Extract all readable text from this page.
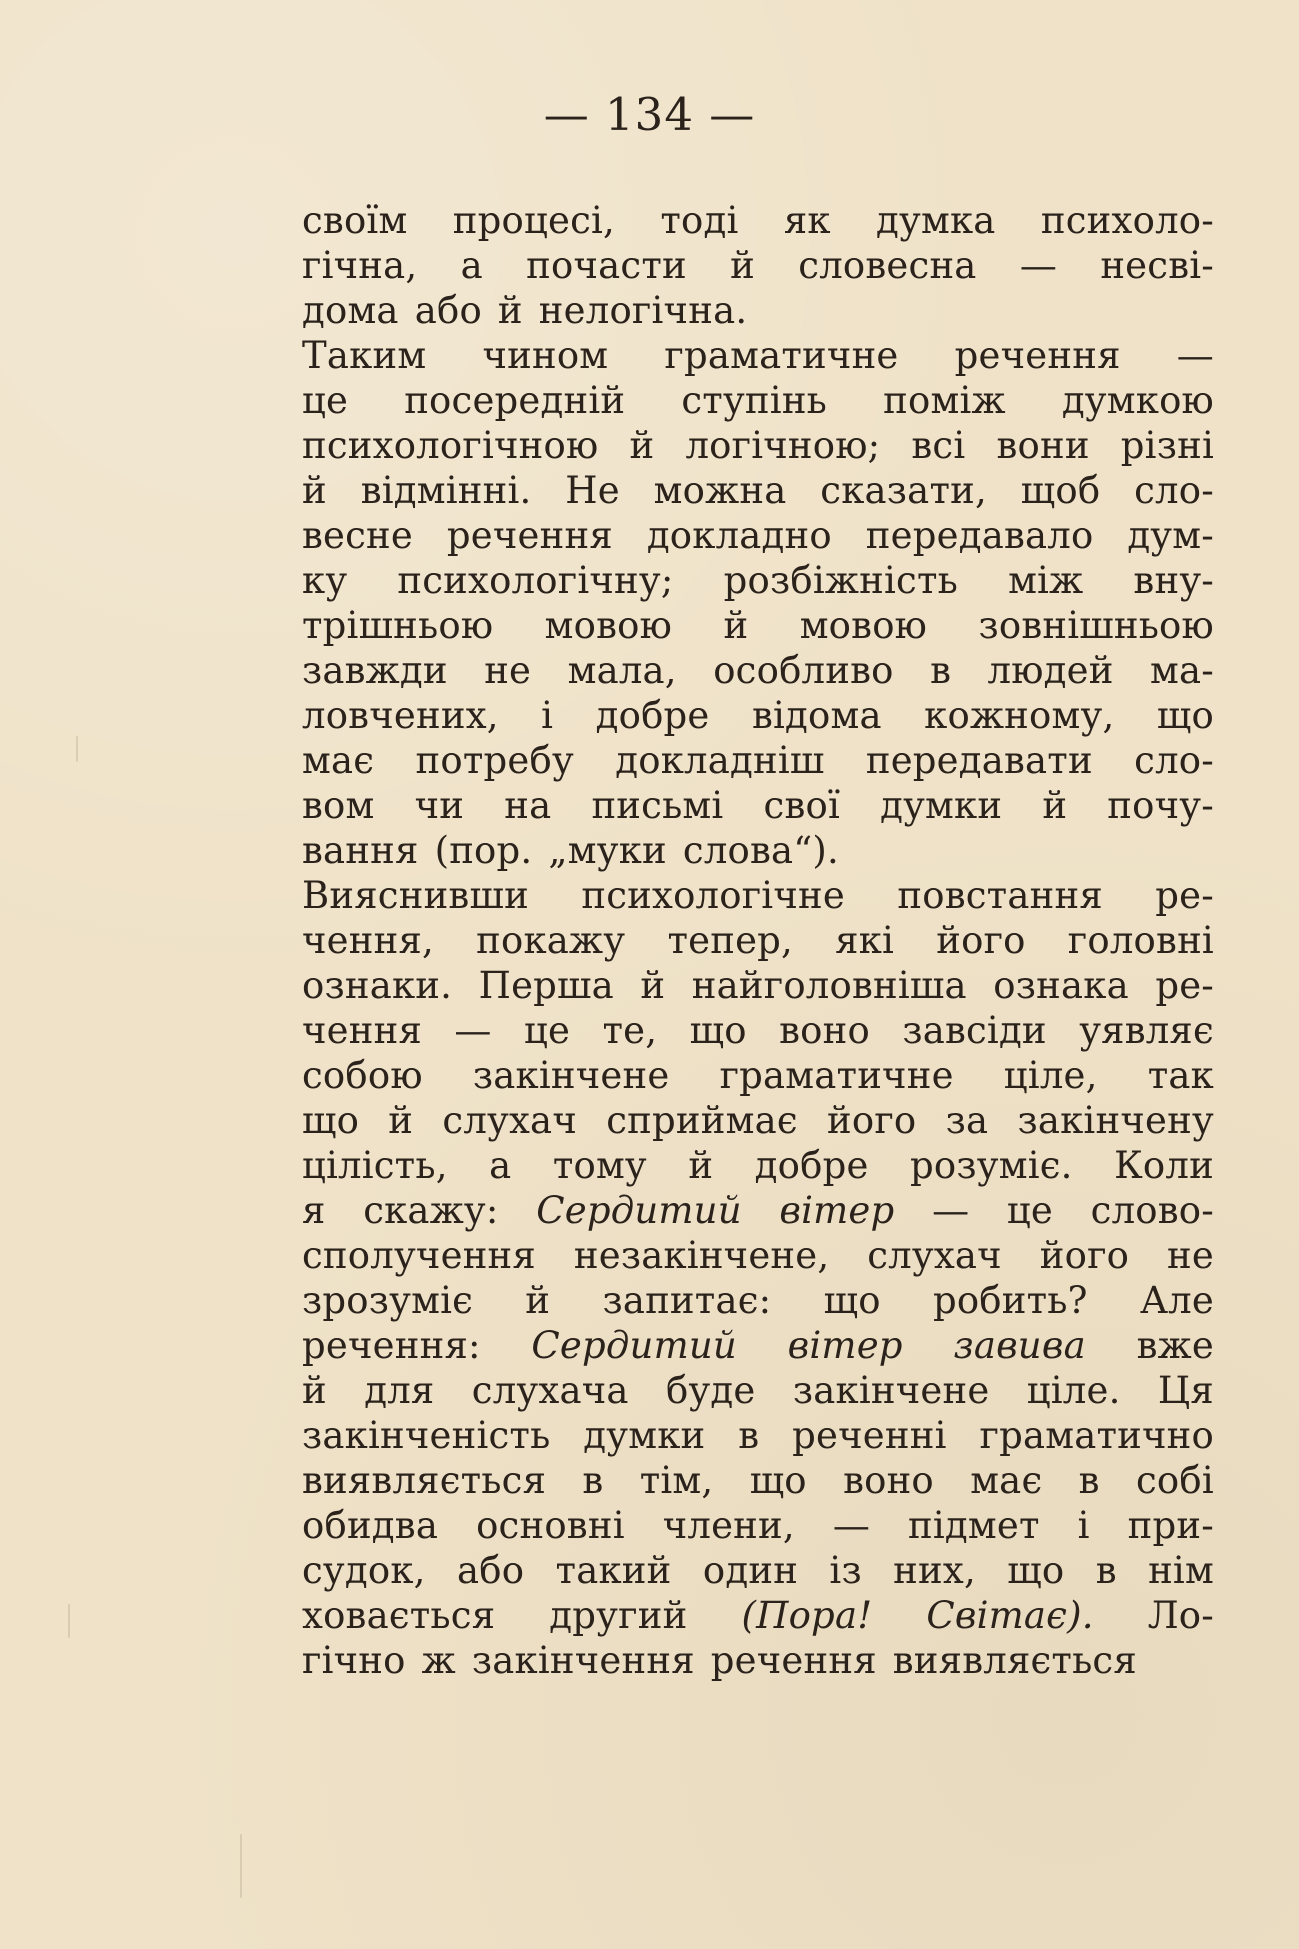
— 134 —
своїм процесі, тоді як думка психоло-
гічна, а почасти й словесна — несві-
дома або й нелогічна.
Таким чином граматичне речення —
це посередній ступінь поміж думкою
психологічною й логічною; всі вони різні
й відмінні. Не можна сказати, щоб сло-
весне речення докладно передавало дум-
ку психологічну; розбіжність між вну-
трішньою мовою й мовою зовнішньою
завжди не мала, особливо в людей ма-
ловчених, і добре відома кожному, що
має потребу докладніш передавати сло-
вом чи на письмі свої думки й почу-
вання (пор. „муки слова“).
Вияснивши психологічне повстання ре-
чення, покажу тепер, які його головні
ознаки. Перша й найголовніша ознака ре-
чення — це те, що воно завсіди уявляє
собою закінчене граматичне ціле, так
що й слухач сприймає його за закінчену
цілість, а тому й добре розуміє. Коли
я скажу: Сердитий вітер — це слово-
сполучення незакінчене, слухач його не
зрозуміє й запитає: що робить? Але
речення: Сердитий вітер завива вже
й для слухача буде закінчене ціле. Ця
закінченість думки в реченні граматично
виявляється в тім, що воно має в собі
обидва основні члени, — підмет і при-
судок, або такий один із них, що в нім
ховається другий (Пора! Світає). Ло-
гічно ж закінчення речення виявляється
